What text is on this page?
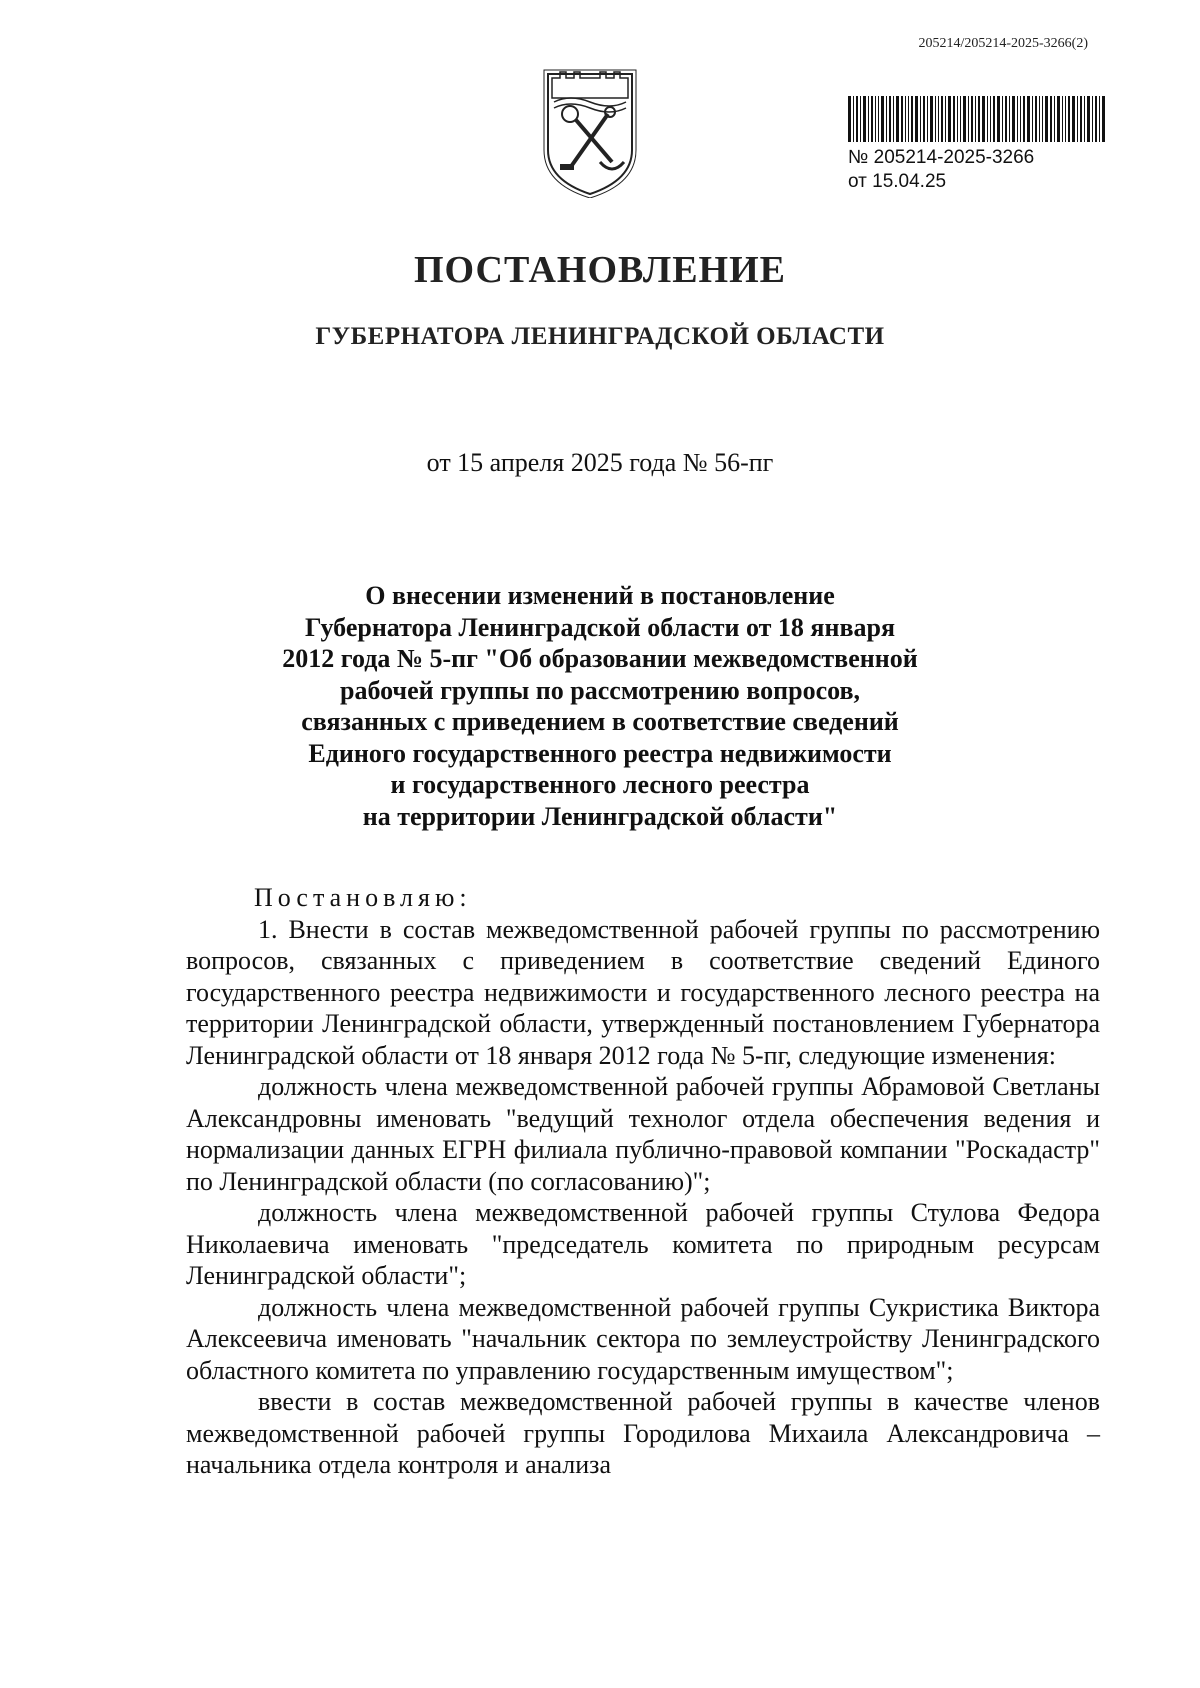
205214/205214-2025-3266(2)
№ 205214-2025-3266
от 15.04.25
ПОСТАНОВЛЕНИЕ
ГУБЕРНАТОРА ЛЕНИНГРАДСКОЙ ОБЛАСТИ
от 15 апреля 2025 года № 56-пг
О внесении изменений в постановление
Губернатора Ленинградской области от 18 января
2012 года № 5-пг "Об образовании межведомственной
рабочей группы по рассмотрению вопросов,
связанных с приведением в соответствие сведений
Единого государственного реестра недвижимости
и государственного лесного реестра
на территории Ленинградской области"

Постановляю:

1. Внести в состав межведомственной рабочей группы по рассмотрению вопросов, связанных с приведением в соответствие сведений Единого государственного реестра недвижимости и государственного лесного реестра на территории Ленинградской области, утвержденный постановлением Губернатора Ленинградской области от 18 января 2012 года № 5-пг, следующие изменения:

должность члена межведомственной рабочей группы Абрамовой Светланы Александровны именовать "ведущий технолог отдела обеспечения ведения и нормализации данных ЕГРН филиала публично-правовой компании "Роскадастр" по Ленинградской области (по согласованию)";

должность члена межведомственной рабочей группы Стулова Федора Николаевича именовать "председатель комитета по природным ресурсам Ленинградской области";

должность члена межведомственной рабочей группы Сукристика Виктора Алексеевича именовать "начальник сектора по землеустройству Ленинградского областного комитета по управлению государственным имуществом";

ввести в состав межведомственной рабочей группы в качестве членов межведомственной рабочей группы Городилова Михаила Александровича – начальника отдела контроля и анализа
